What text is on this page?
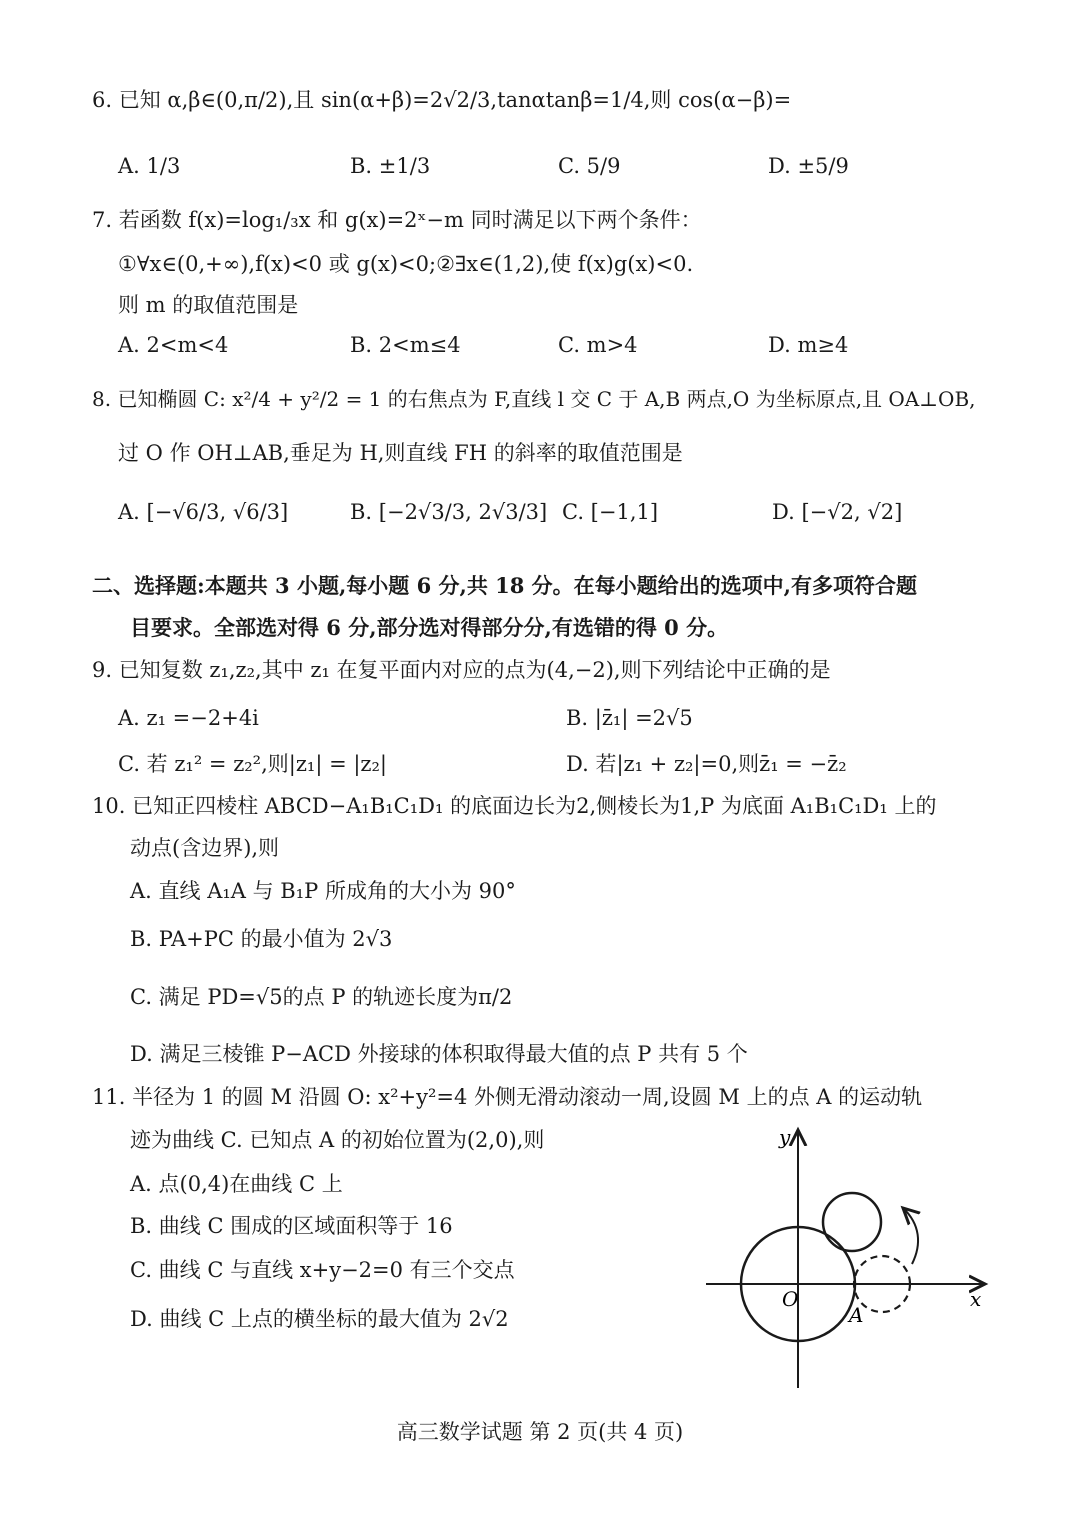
6. 已知 α,β∈(0,π/2),且 sin(α+β)=2√2/3,tanαtanβ=1/4,则 cos(α−β)=
A. 1/3	B. ±1/3	C. 5/9	D. ±5/9
7. 若函数 f(x)=log₁/₃x 和 g(x)=2ˣ−m 同时满足以下两个条件：
①∀x∈(0,+∞),f(x)<0 或 g(x)<0;②∃x∈(1,2),使 f(x)g(x)<0.
则 m 的取值范围是
A. 2<m<4	B. 2<m≤4	C. m>4	D. m≥4
8. 已知椭圆 C: x²/4 + y²/2 = 1 的右焦点为 F,直线 l 交 C 于 A,B 两点,O 为坐标原点,且 OA⊥OB,
过 O 作 OH⊥AB,垂足为 H,则直线 FH 的斜率的取值范围是
A. [−√6/3, √6/3]	B. [−2√3/3, 2√3/3] C. [−1,1]	D. [−√2, √2]
二、选择题:本题共 3 小题,每小题 6 分,共 18 分。在每小题给出的选项中,有多项符合题
目要求。全部选对得 6 分,部分选对得部分分,有选错的得 0 分。
9. 已知复数 z₁,z₂,其中 z₁ 在复平面内对应的点为(4,−2),则下列结论中正确的是
A. z₁ =−2+4i	B. |z̄₁| =2√5
C. 若 z₁² = z₂²,则|z₁| = |z₂|	D. 若|z₁ + z₂|=0,则z̄₁ = −z̄₂
10. 已知正四棱柱 ABCD−A₁B₁C₁D₁ 的底面边长为2,侧棱长为1,P 为底面 A₁B₁C₁D₁ 上的
动点(含边界),则
A. 直线 A₁A 与 B₁P 所成角的大小为 90°
B. PA+PC 的最小值为 2√3
C. 满足 PD=√5的点 P 的轨迹长度为π/2
D. 满足三棱锥 P−ACD 外接球的体积取得最大值的点 P 共有 5 个
11. 半径为 1 的圆 M 沿圆 O: x²+y²=4 外侧无滑动滚动一周,设圆 M 上的点 A 的运动轨
迹为曲线 C. 已知点 A 的初始位置为(2,0),则
A. 点(0,4)在曲线 C 上
B. 曲线 C 围成的区域面积等于 16
C. 曲线 C 与直线 x+y−2=0 有三个交点
D. 曲线 C 上点的横坐标的最大值为 2√2
y
x
O
A
高三数学试题 第 2 页(共 4 页)
